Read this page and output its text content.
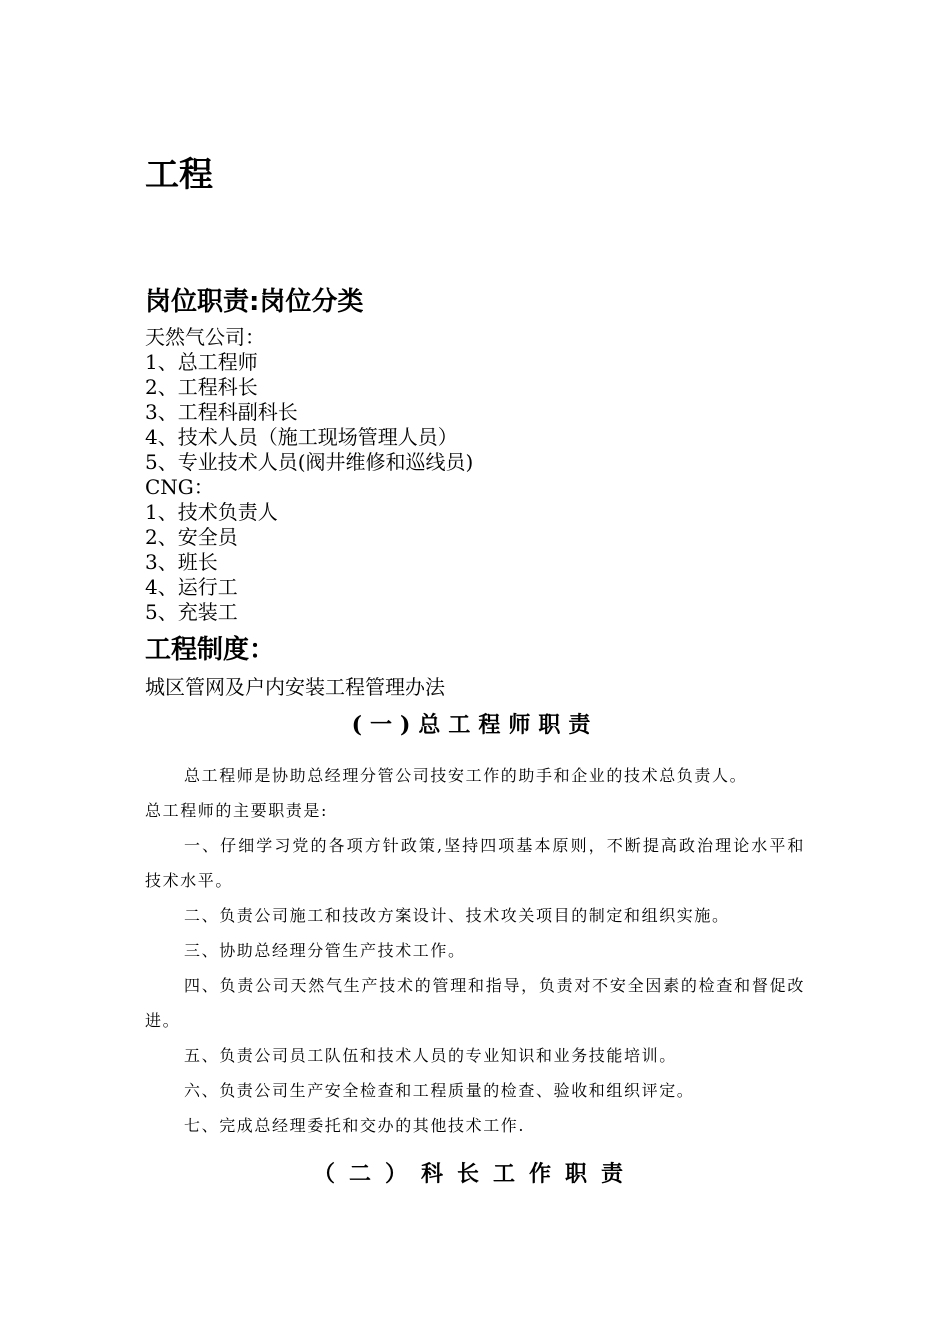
工程
岗位职责:岗位分类
天然气公司：
1、总工程师
2、工程科长
3、工程科副科长
4、技术人员（施工现场管理人员）
5、专业技术人员(阀井维修和巡线员)
CNG：
1、技术负责人
2、安全员
3、班长
4、运行工
5、充装工
工程制度：

城区管网及户内安装工程管理办法

(一)总工程师职责

总工程师是协助总经理分管公司技安工作的助手和企业的技术总负责人。

总工程师的主要职责是:

一、仔细学习党的各项方针政策,坚持四项基本原则，不断提高政治理论水平和技术水平。

二、负责公司施工和技改方案设计、技术攻关项目的制定和组织实施。

三、协助总经理分管生产技术工作。

四、负责公司天然气生产技术的管理和指导，负责对不安全因素的检查和督促改进。

五、负责公司员工队伍和技术人员的专业知识和业务技能培训。

六、负责公司生产安全检查和工程质量的检查、验收和组织评定。

七、完成总经理委托和交办的其他技术工作.

（二）科长工作职责
